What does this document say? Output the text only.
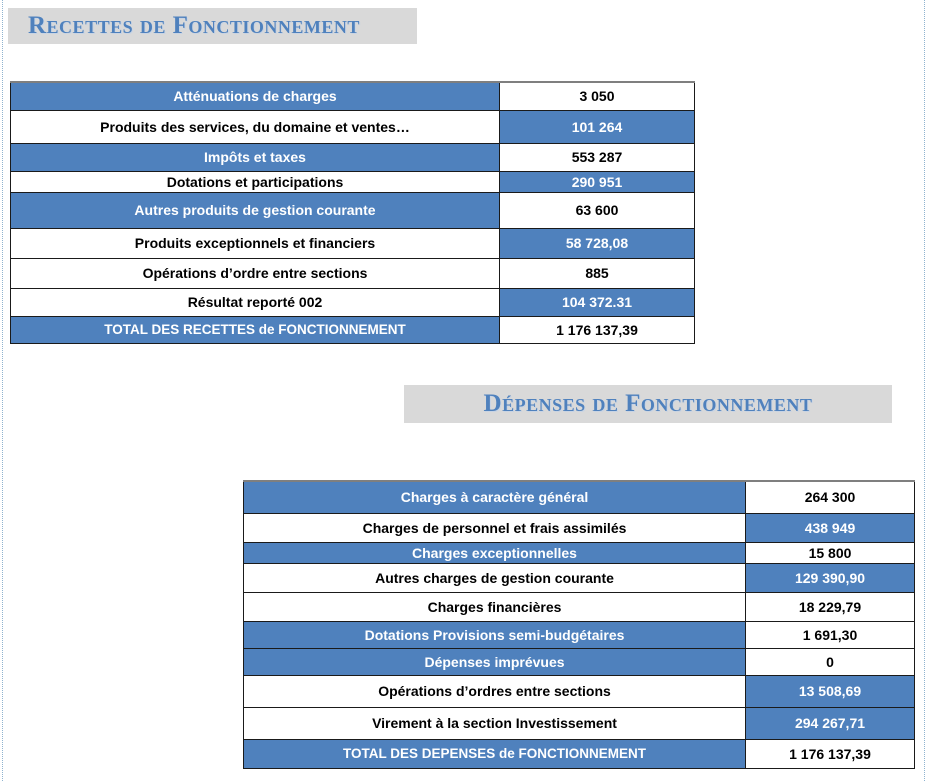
Recettes de Fonctionnement
Atténuations de charges	3 050
Produits des services, du domaine et ventes…	101 264
Impôts et taxes	553 287
Dotations et participations	290 951
Autres produits de gestion courante	63 600
Produits exceptionnels et financiers	58 728,08
Opérations d’ordre entre sections	885
Résultat reporté 002	104 372.31
TOTAL DES RECETTES de FONCTIONNEMENT	1 176 137,39
Dépenses de Fonctionnement
Charges à caractère général	264 300
Charges de personnel et frais assimilés	438 949
Charges exceptionnelles	15 800
Autres charges de gestion courante	129 390,90
Charges financières	18 229,79
Dotations Provisions semi-budgétaires	1 691,30
Dépenses imprévues	0
Opérations d’ordres entre sections	13 508,69
Virement à la section Investissement	294 267,71
TOTAL DES DEPENSES de FONCTIONNEMENT	1 176 137,39
